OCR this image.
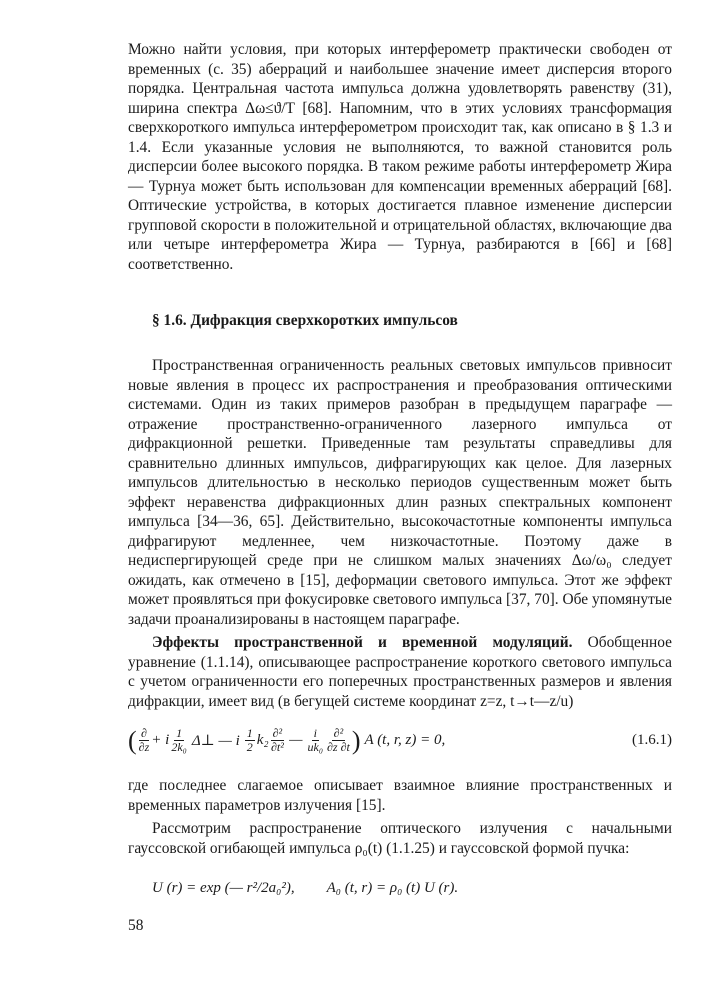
Можно найти условия, при которых интерферометр практически свободен от временных (с. 35) аберраций и наибольшее значение имеет дисперсия второго порядка. Центральная частота импульса должна удовлетворять равенству (31), ширина спектра Δω≤ϑ/T [68]. Напомним, что в этих условиях трансформация сверхкороткого импульса интерферометром происходит так, как описано в § 1.3 и 1.4. Если указанные условия не выполняются, то важной становится роль дисперсии более высокого порядка. В таком режиме работы интерферометр Жира — Турнуа может быть использован для компенсации временных аберраций [68]. Оптические устройства, в которых достигается плавное изменение дисперсии групповой скорости в положительной и отрицательной областях, включающие два или четыре интерферометра Жира — Турнуа, разбираются в [66] и [68] соответственно.

§ 1.6. Дифракция сверхкоротких импульсов

Пространственная ограниченность реальных световых импульсов привносит новые явления в процесс их распространения и преобразования оптическими системами. Один из таких примеров разобран в предыдущем параграфе — отражение пространственно-ограниченного лазерного импульса от дифракционной решетки. Приведенные там результаты справедливы для сравнительно длинных импульсов, дифрагирующих как целое. Для лазерных импульсов длительностью в несколько периодов существенным может быть эффект неравенства дифракционных длин разных спектральных компонент импульса [34—36, 65]. Действительно, высокочастотные компоненты импульса дифрагируют медленнее, чем низкочастотные. Поэтому даже в недиспергирующей среде при не слишком малых значениях Δω/ω₀ следует ожидать, как отмечено в [15], деформации светового импульса. Этот же эффект может проявляться при фокусировке светового импульса [37, 70]. Обе упомянутые задачи проанализированы в настоящем параграфе.

Эффекты пространственной и временной модуляций. Обобщенное уравнение (1.1.14), описывающее распространение короткого светового импульса с учетом ограниченности его поперечных пространственных размеров и явления дифракции, имеет вид (в бегущей системе координат z=z, t→t—z/u)

( $\frac{\partial}{\partial z} + i \frac{1}{\text{2k₀}}$ Δ⊥ — i $\frac{1}{2} k_2 \frac{\text{∂²}}{\text{∂t²}}$ — $\frac{i}{\text{uk₀}} \frac{\text{∂²}}{\partial z \partial t}$ ) A (t, r, z) = 0,	(1.6.1)

где последнее слагаемое описывает взаимное влияние пространственных и временных параметров излучения [15].

Рассмотрим распространение оптического излучения с начальными гауссовской огибающей импульса ρ₀(t) (1.1.25) и гауссовской формой пучка:

U (r) = exp (— r²/2a₀²), A₀ (t, r) = ρ₀ (t) U (r).
58
